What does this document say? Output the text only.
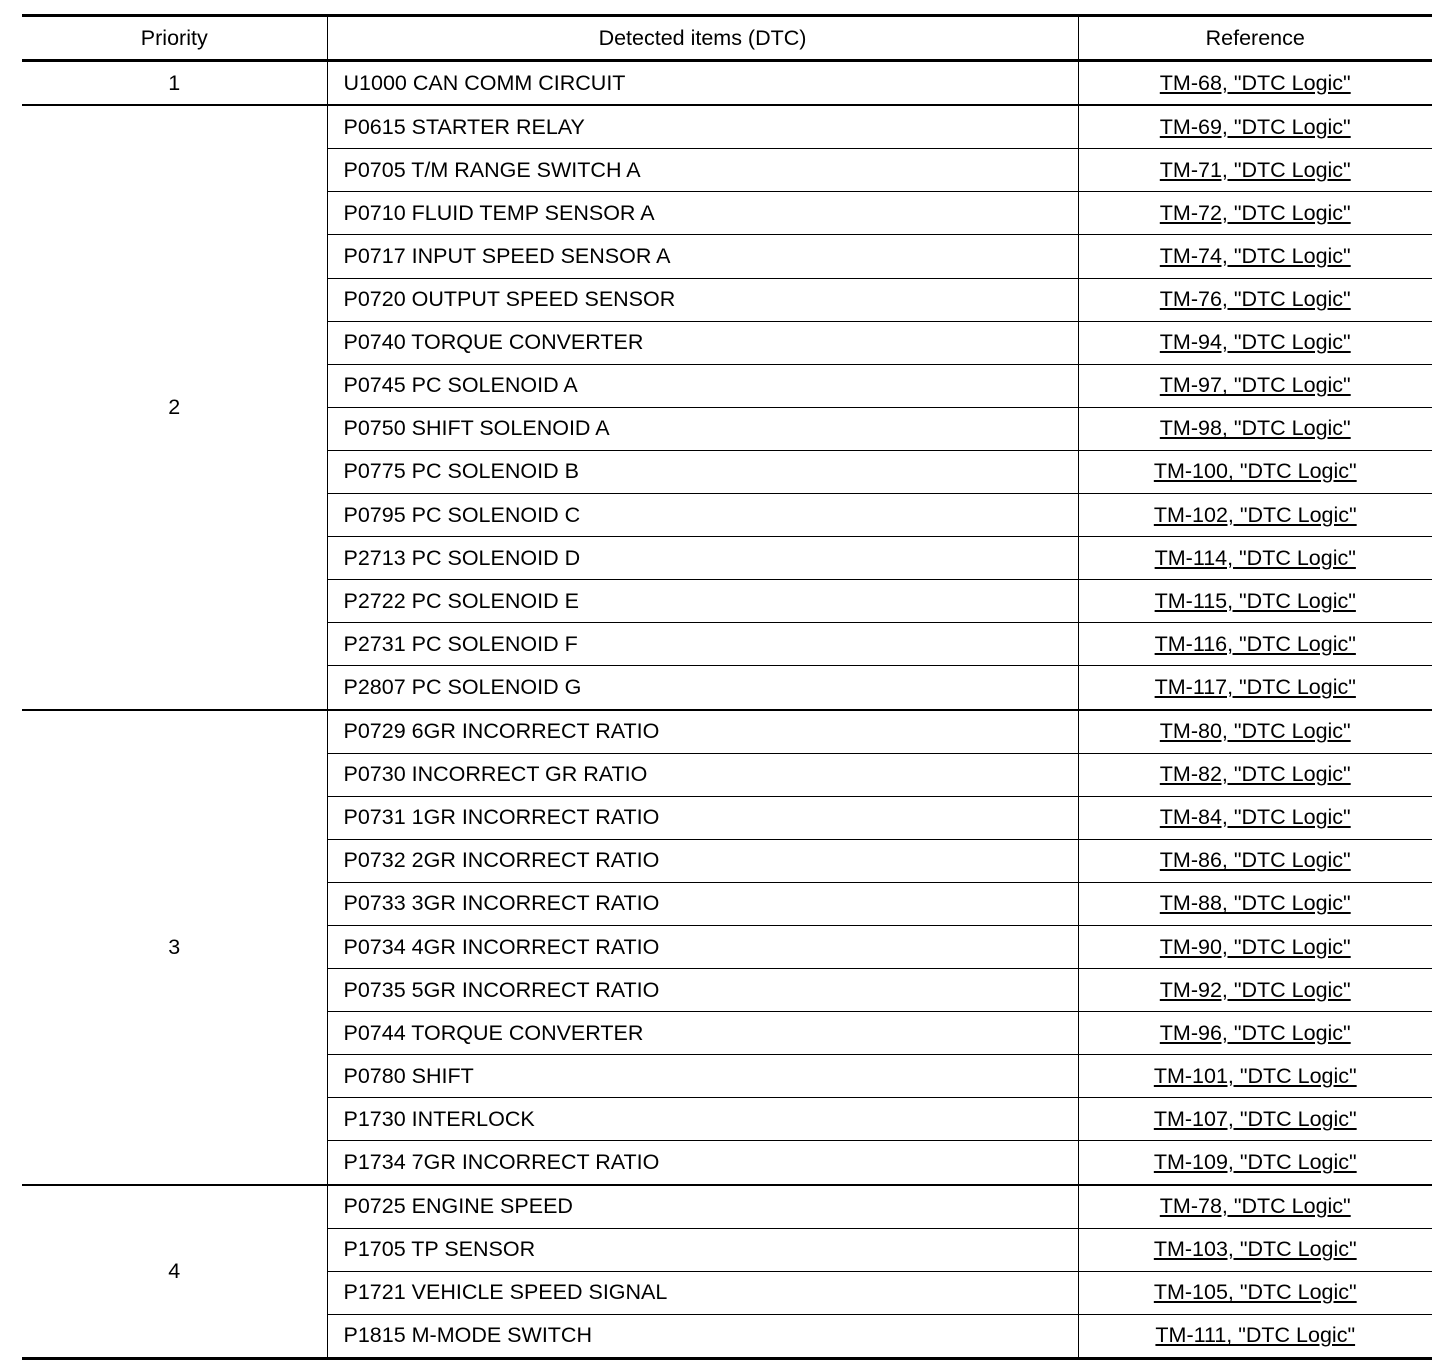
Priority	Detected items (DTC)	Reference
1	U1000 CAN COMM CIRCUIT	TM-68, "DTC Logic"
2	P0615 STARTER RELAY	TM-69, "DTC Logic"
	P0705 T/M RANGE SWITCH A	TM-71, "DTC Logic"
	P0710 FLUID TEMP SENSOR A	TM-72, "DTC Logic"
	P0717 INPUT SPEED SENSOR A	TM-74, "DTC Logic"
	P0720 OUTPUT SPEED SENSOR	TM-76, "DTC Logic"
	P0740 TORQUE CONVERTER	TM-94, "DTC Logic"
	P0745 PC SOLENOID A	TM-97, "DTC Logic"
	P0750 SHIFT SOLENOID A	TM-98, "DTC Logic"
	P0775 PC SOLENOID B	TM-100, "DTC Logic"
	P0795 PC SOLENOID C	TM-102, "DTC Logic"
	P2713 PC SOLENOID D	TM-114, "DTC Logic"
	P2722 PC SOLENOID E	TM-115, "DTC Logic"
	P2731 PC SOLENOID F	TM-116, "DTC Logic"
	P2807 PC SOLENOID G	TM-117, "DTC Logic"
3	P0729 6GR INCORRECT RATIO	TM-80, "DTC Logic"
	P0730 INCORRECT GR RATIO	TM-82, "DTC Logic"
	P0731 1GR INCORRECT RATIO	TM-84, "DTC Logic"
	P0732 2GR INCORRECT RATIO	TM-86, "DTC Logic"
	P0733 3GR INCORRECT RATIO	TM-88, "DTC Logic"
	P0734 4GR INCORRECT RATIO	TM-90, "DTC Logic"
	P0735 5GR INCORRECT RATIO	TM-92, "DTC Logic"
	P0744 TORQUE CONVERTER	TM-96, "DTC Logic"
	P0780 SHIFT	TM-101, "DTC Logic"
	P1730 INTERLOCK	TM-107, "DTC Logic"
	P1734 7GR INCORRECT RATIO	TM-109, "DTC Logic"
4	P0725 ENGINE SPEED	TM-78, "DTC Logic"
	P1705 TP SENSOR	TM-103, "DTC Logic"
	P1721 VEHICLE SPEED SIGNAL	TM-105, "DTC Logic"
	P1815 M-MODE SWITCH	TM-111, "DTC Logic"
